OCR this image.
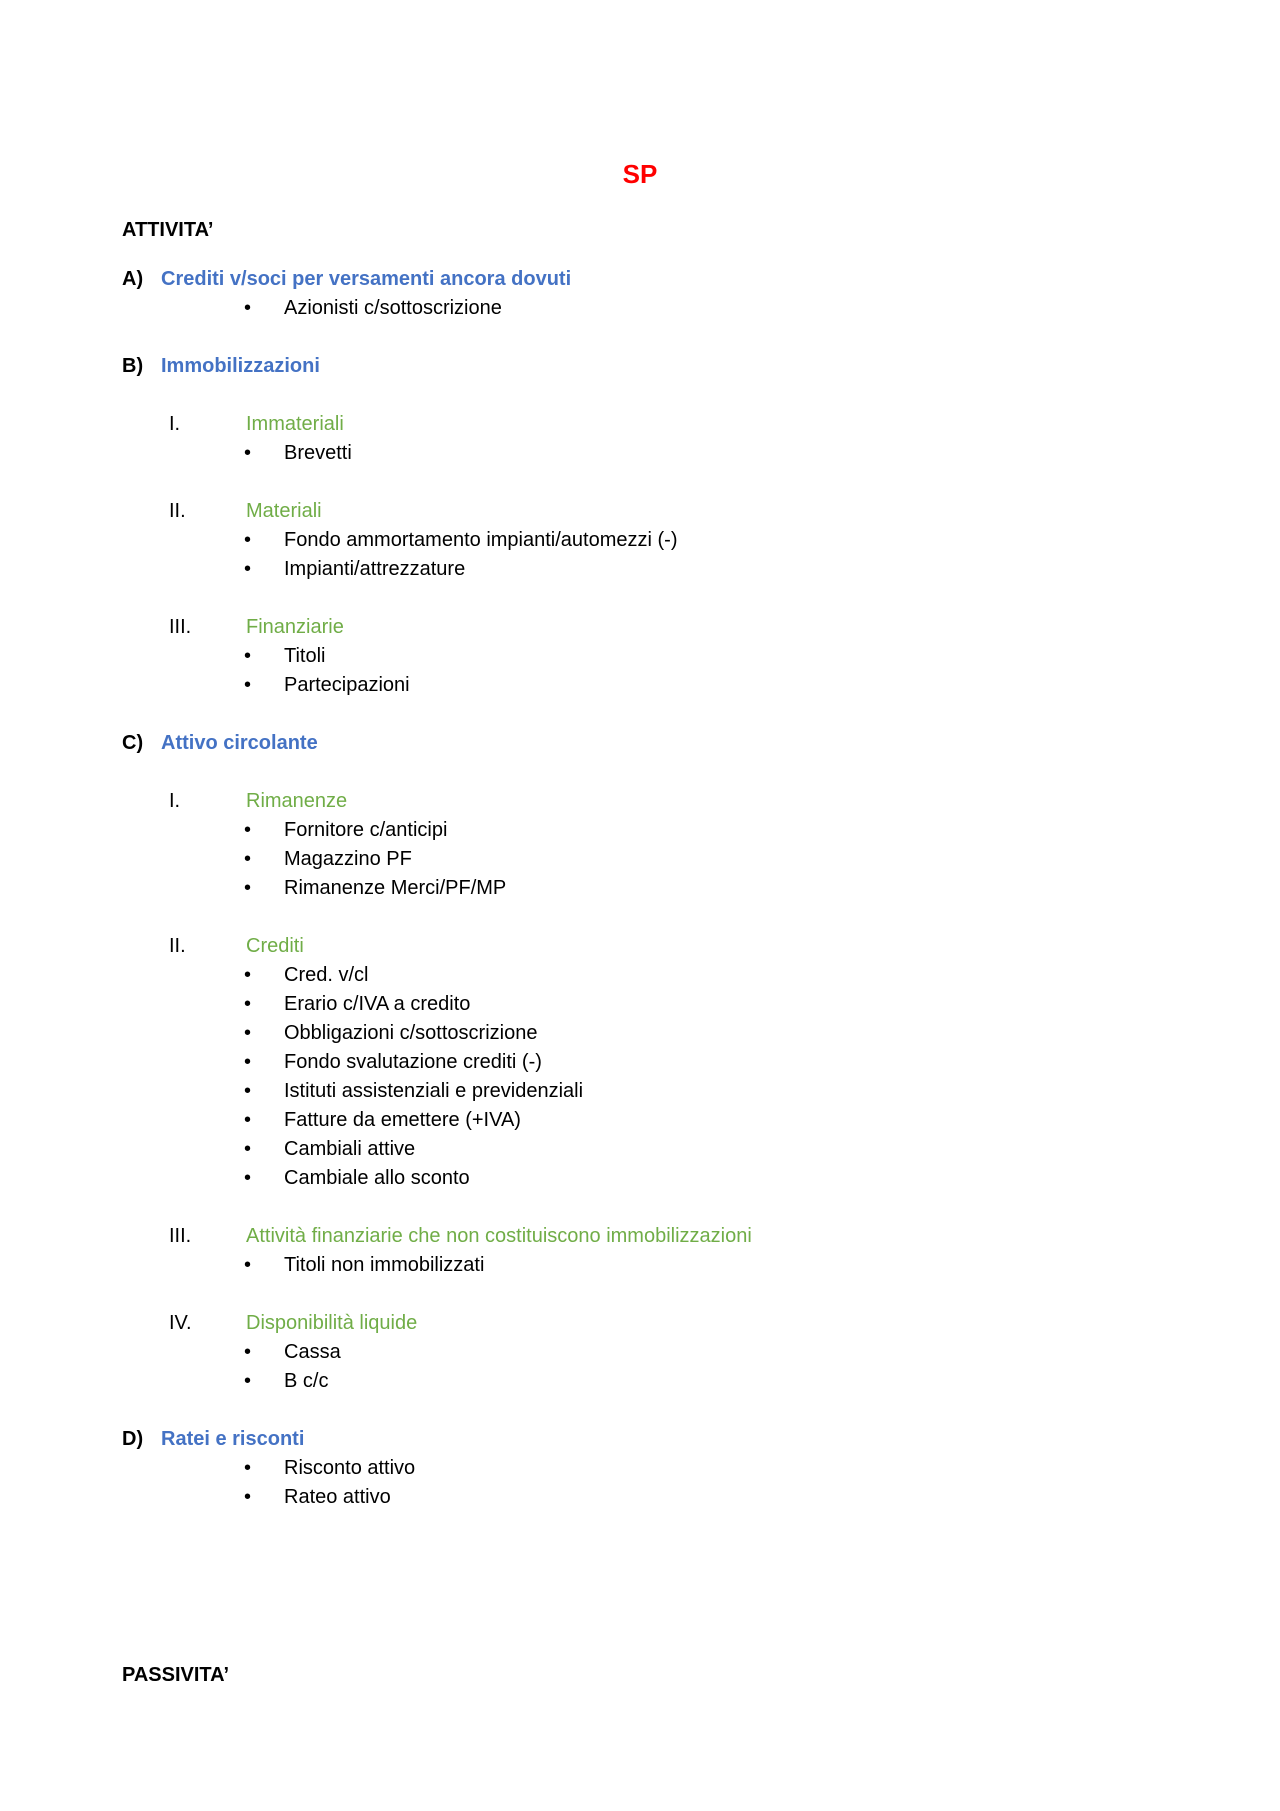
SP
ATTIVITA’
A) Crediti v/soci per versamenti ancora dovuti
• Azionisti c/sottoscrizione
B) Immobilizzazioni
I.	Immateriali
• Brevetti
II.	Materiali
• Fondo ammortamento impianti/automezzi (-)
• Impianti/attrezzature
III.	Finanziarie
• Titoli
• Partecipazioni
C) Attivo circolante
I.	Rimanenze
• Fornitore c/anticipi
• Magazzino PF
• Rimanenze Merci/PF/MP
II.	Crediti
• Cred. v/cl
• Erario c/IVA a credito
• Obbligazioni c/sottoscrizione
• Fondo svalutazione crediti (-)
• Istituti assistenziali e previdenziali
• Fatture da emettere (+IVA)
• Cambiali attive
• Cambiale allo sconto
III.	Attività finanziarie che non costituiscono immobilizzazioni
• Titoli non immobilizzati
IV.	Disponibilità liquide
• Cassa
• B c/c
D) Ratei e risconti
• Risconto attivo
• Rateo attivo
PASSIVITA’
